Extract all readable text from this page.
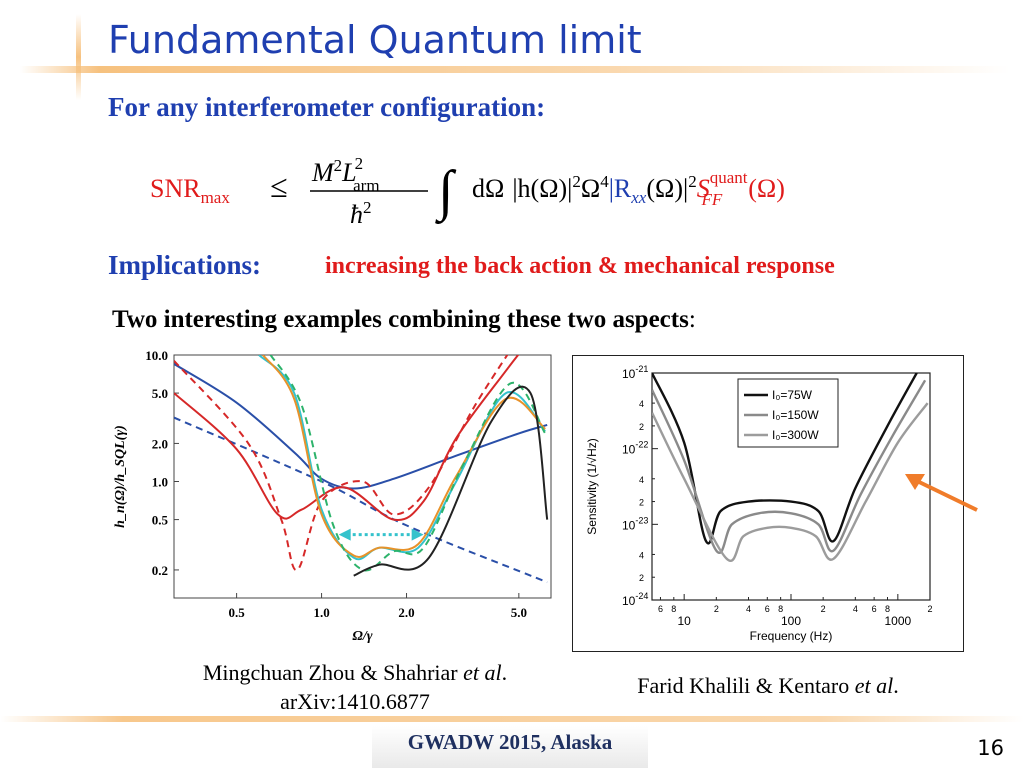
Fundamental Quantum limit
For any interferometer configuration:
$SNR_{max} \le M^2L2$ arm
$ħ^2$ ∫ dΩ $|h(\Omega)|^2\Omega^4|R_{xx}(\Omega)|^2S^{quant}$ FF (Ω)
Implications:	increasing the back action & mechanical response
Two interesting examples combining these two aspects:
10.0
5.0
2.0
1.0
0.5
0.2
0.5	1.0	2.0	5.0
Ω/γ
h_n(Ω)/h_SQL(γ)
$10^{-21}$
$10^{-22}$
$10^{-23}$
$10^{-24}$
4
2
4
2
4
2
10	100	1000
6 8	2	4 6 8	2	4 6 8	2
Frequency (Hz)
Sensitivity (1/√Hz)
I₀=75W
I₀=150W
I₀=300W
Mingchuan Zhou & Shahriar et al.
arXiv:1410.6877
Farid Khalili & Kentaro et al.
GWADW 2015, Alaska	16
